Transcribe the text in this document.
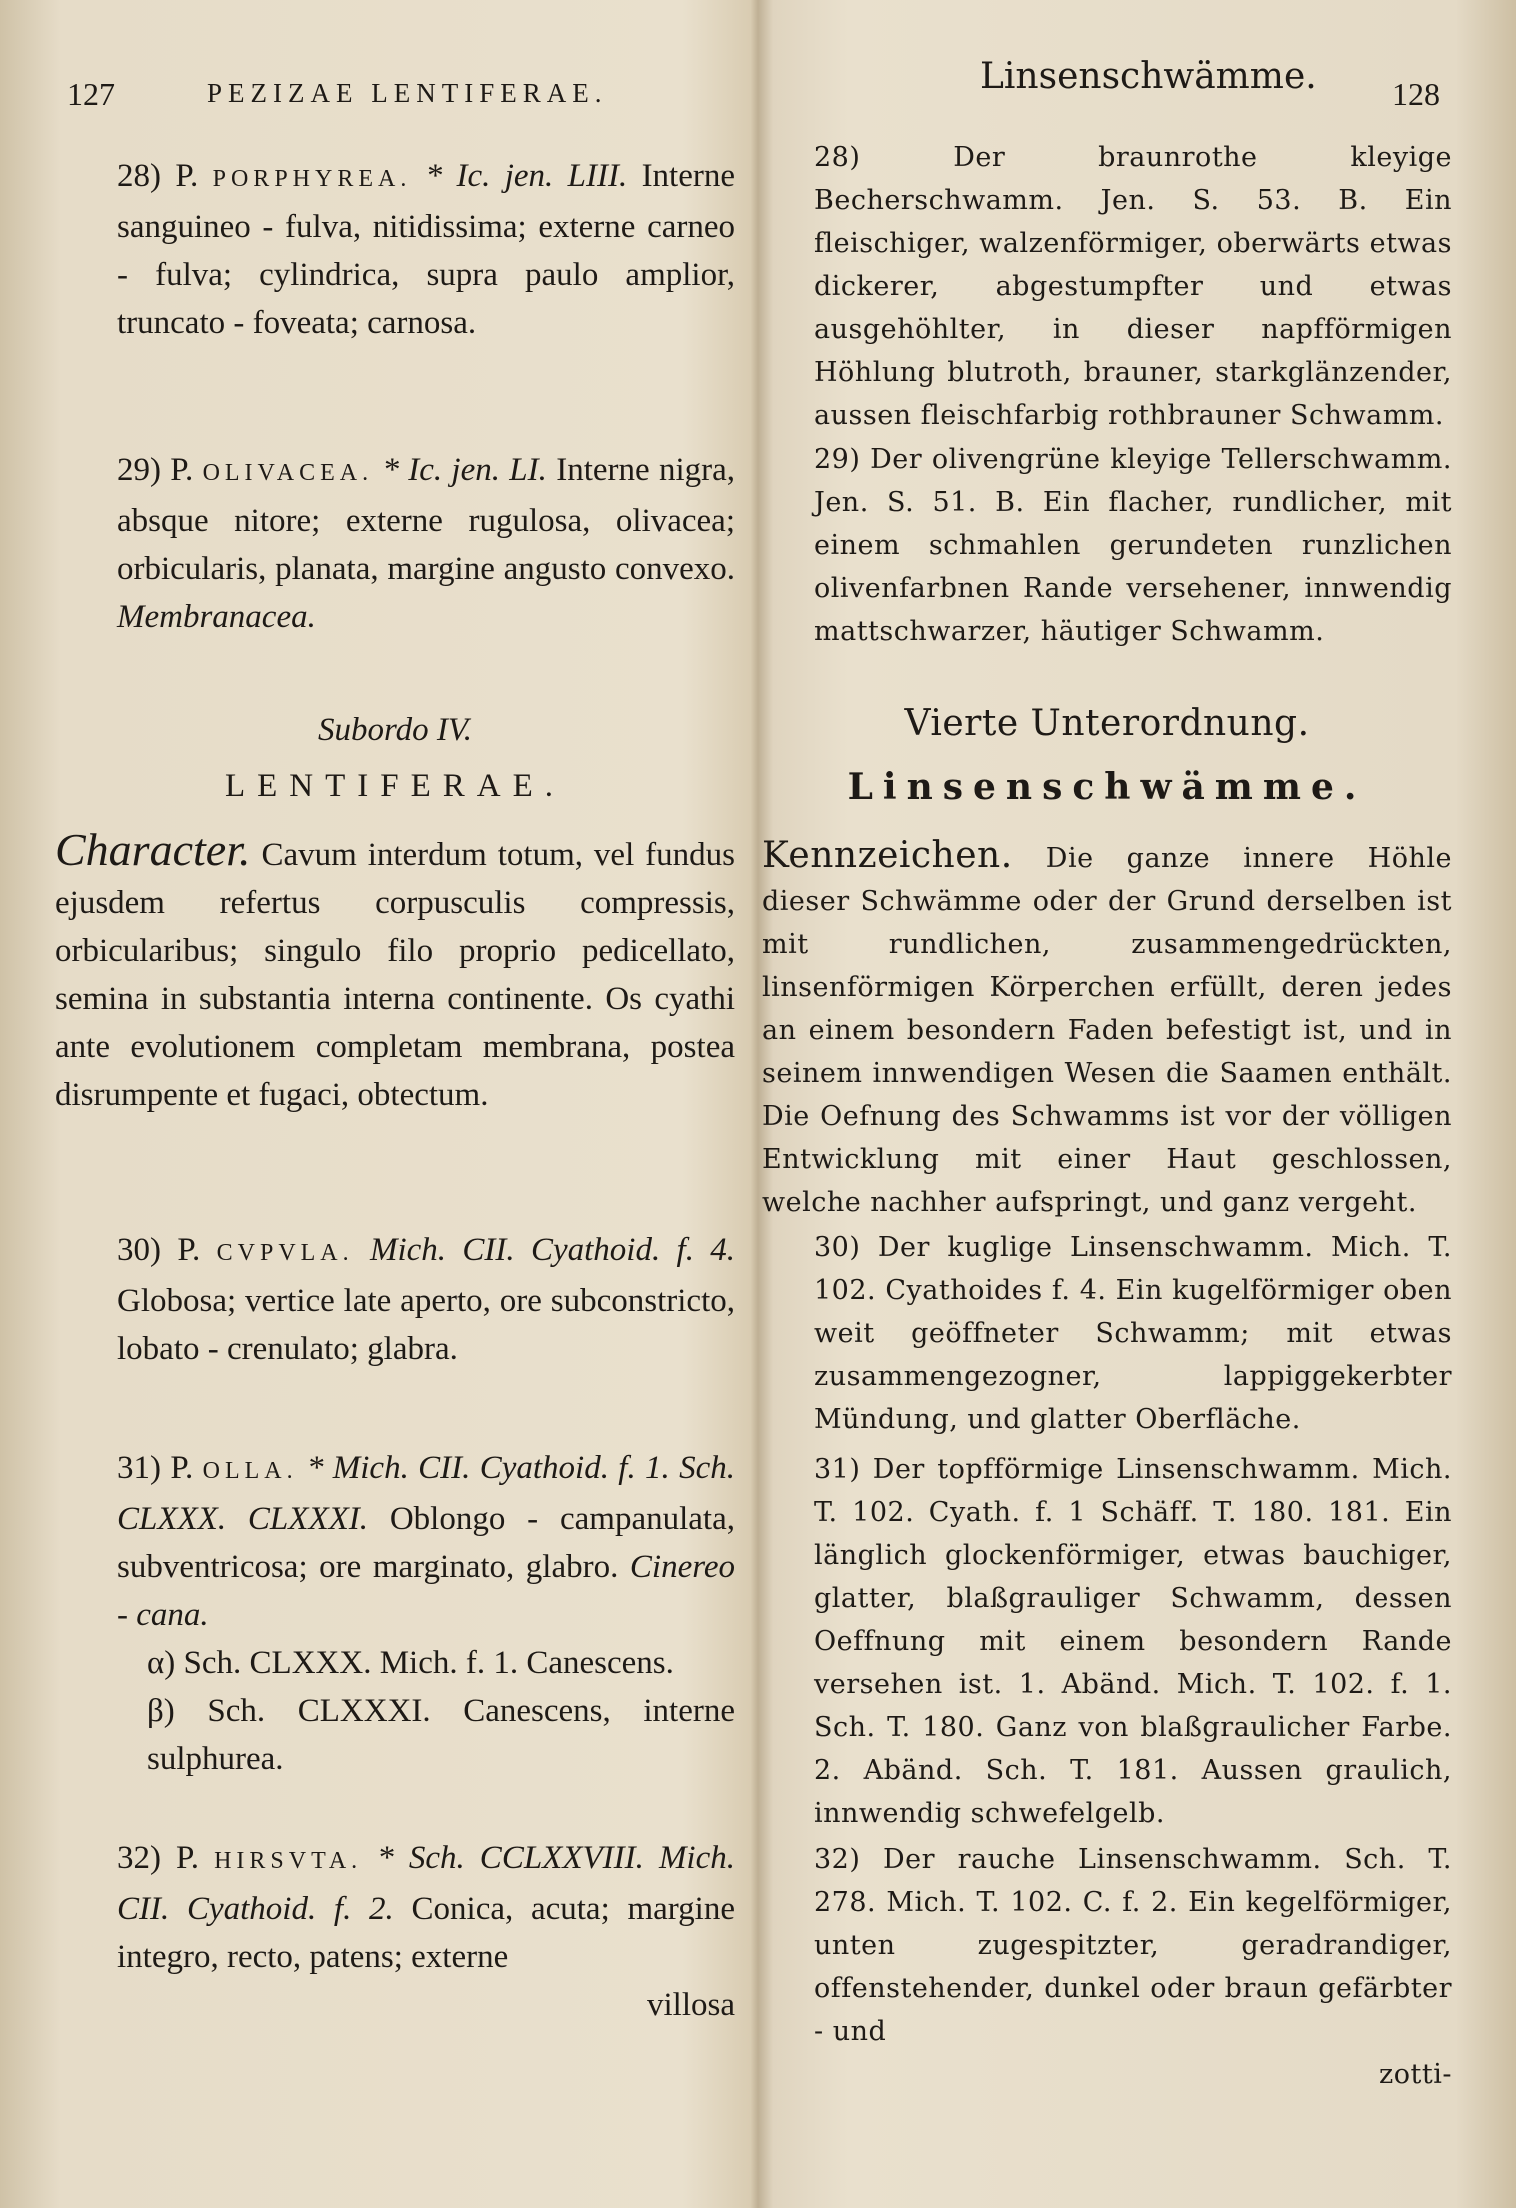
127	PEZIZAE LENTIFERAE.

28) P. PORPHYREA. * Ic. jen. LIII. Interne sanguineo - fulva, nitidissima; externe carneo - fulva; cylindrica, supra paulo amplior, truncato - foveata; carnosa.

29) P. OLIVACEA. * Ic. jen. LI. Interne nigra, absque nitore; externe rugulosa, olivacea; orbicularis, planata, margine angusto convexo. Membranacea.

Subordo IV.
LENTIFERAE.

Character. Cavum interdum totum, vel fundus ejusdem refertus corpusculis compressis, orbicularibus; singulo filo proprio pedicellato, semina in substantia interna continente. Os cyathi ante evolutionem completam membrana, postea disrumpente et fugaci, obtectum.

30) P. CVPVLA. Mich. CII. Cyathoid. f. 4. Globosa; vertice late aperto, ore subconstricto, lobato - crenulato; glabra.

31) P. OLLA. * Mich. CII. Cyathoid. f. 1. Sch. CLXXX. CLXXXI. Oblongo - campanulata, subventricosa; ore marginato, glabro. Cinereo - cana.

α) Sch. CLXXX. Mich. f. 1. Canescens.

β) Sch. CLXXXI. Canescens, interne sulphurea.

32) P. HIRSVTA. * Sch. CCLXXVIII. Mich. CII. Cyathoid. f. 2. Conica, acuta; margine integro, recto, patens; externe

villosa

Linsenschwämme. 128

28) Der braunrothe kleyige Becherschwamm. Jen. S. 53. B. Ein fleischiger, walzenförmiger, oberwärts etwas dickerer, abgestumpfter und etwas ausgehöhlter, in dieser napfförmigen Höhlung blutroth, brauner, starkglänzender, aussen fleischfarbig rothbrauner Schwamm.

29) Der olivengrüne kleyige Tellerschwamm. Jen. S. 51. B. Ein flacher, rundlicher, mit einem schmahlen gerundeten runzlichen olivenfarbnen Rande versehener, innwendig mattschwarzer, häutiger Schwamm.

Vierte Unterordnung.
Linsenschwämme.

Kennzeichen. Die ganze innere Höhle dieser Schwämme oder der Grund derselben ist mit rundlichen, zusammengedrückten, linsenförmigen Körperchen erfüllt, deren jedes an einem besondern Faden befestigt ist, und in seinem innwendigen Wesen die Saamen enthält. Die Oefnung des Schwamms ist vor der völligen Entwicklung mit einer Haut geschlossen, welche nachher aufspringt, und ganz vergeht.

30) Der kuglige Linsenschwamm. Mich. T. 102. Cyathoides f. 4. Ein kugelförmiger oben weit geöffneter Schwamm; mit etwas zusammengezogner, lappiggekerbter Mündung, und glatter Oberfläche.

31) Der topfförmige Linsenschwamm. Mich. T. 102. Cyath. f. 1 Schäff. T. 180. 181. Ein länglich glockenförmiger, etwas bauchiger, glatter, blaßgrauliger Schwamm, dessen Oeffnung mit einem besondern Rande versehen ist. 1. Abänd. Mich. T. 102. f. 1. Sch. T. 180. Ganz von blaßgraulicher Farbe. 2. Abänd. Sch. T. 181. Aussen graulich, innwendig schwefelgelb.

32) Der rauche Linsenschwamm. Sch. T. 278. Mich. T. 102. C. f. 2. Ein kegelförmiger, unten zugespitzter, geradrandiger, offenstehender, dunkel oder braun gefärbter - und

zotti-
